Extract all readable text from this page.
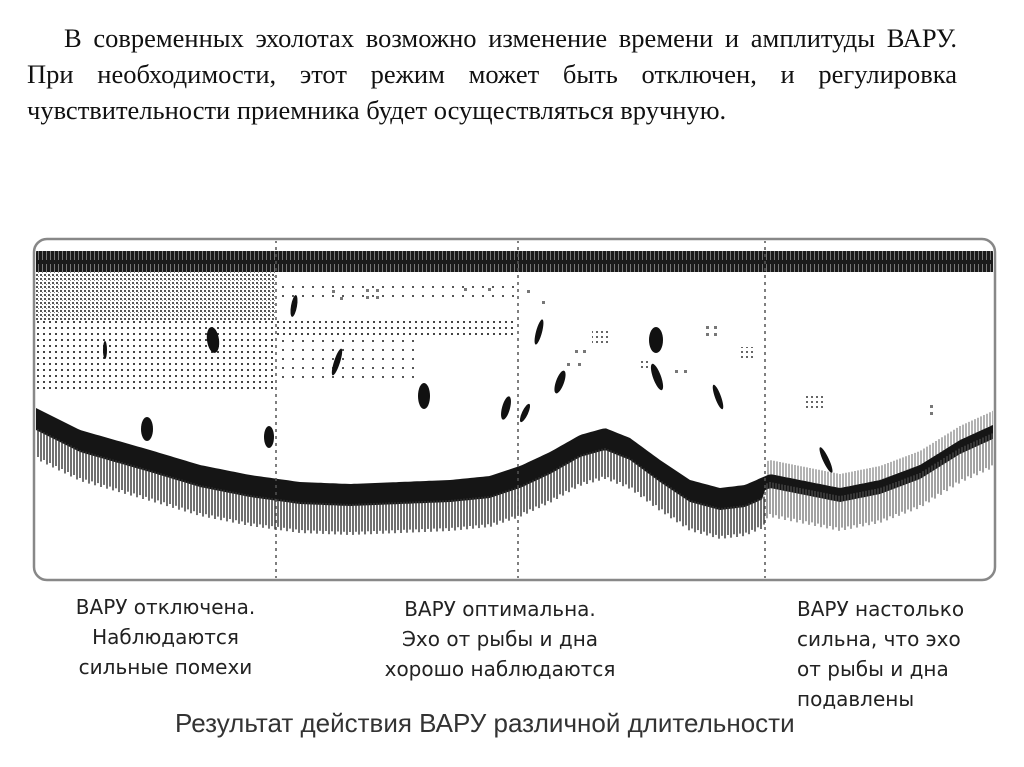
В современных эхолотах возможно изменение времени и амплитуды ВАРУ. При необходимости, этот режим может быть отключен, и регулировка чувствительности приемника будет осуществляться вручную.

ВАРУ отключена.
Наблюдаются
сильные помехи
ВАРУ оптимальна.
Эхо от рыбы и дна
хорошо наблюдаются
ВАРУ настолько
сильна, что эхо
от рыбы и дна
подавлены

Результат действия ВАРУ различной длительности
